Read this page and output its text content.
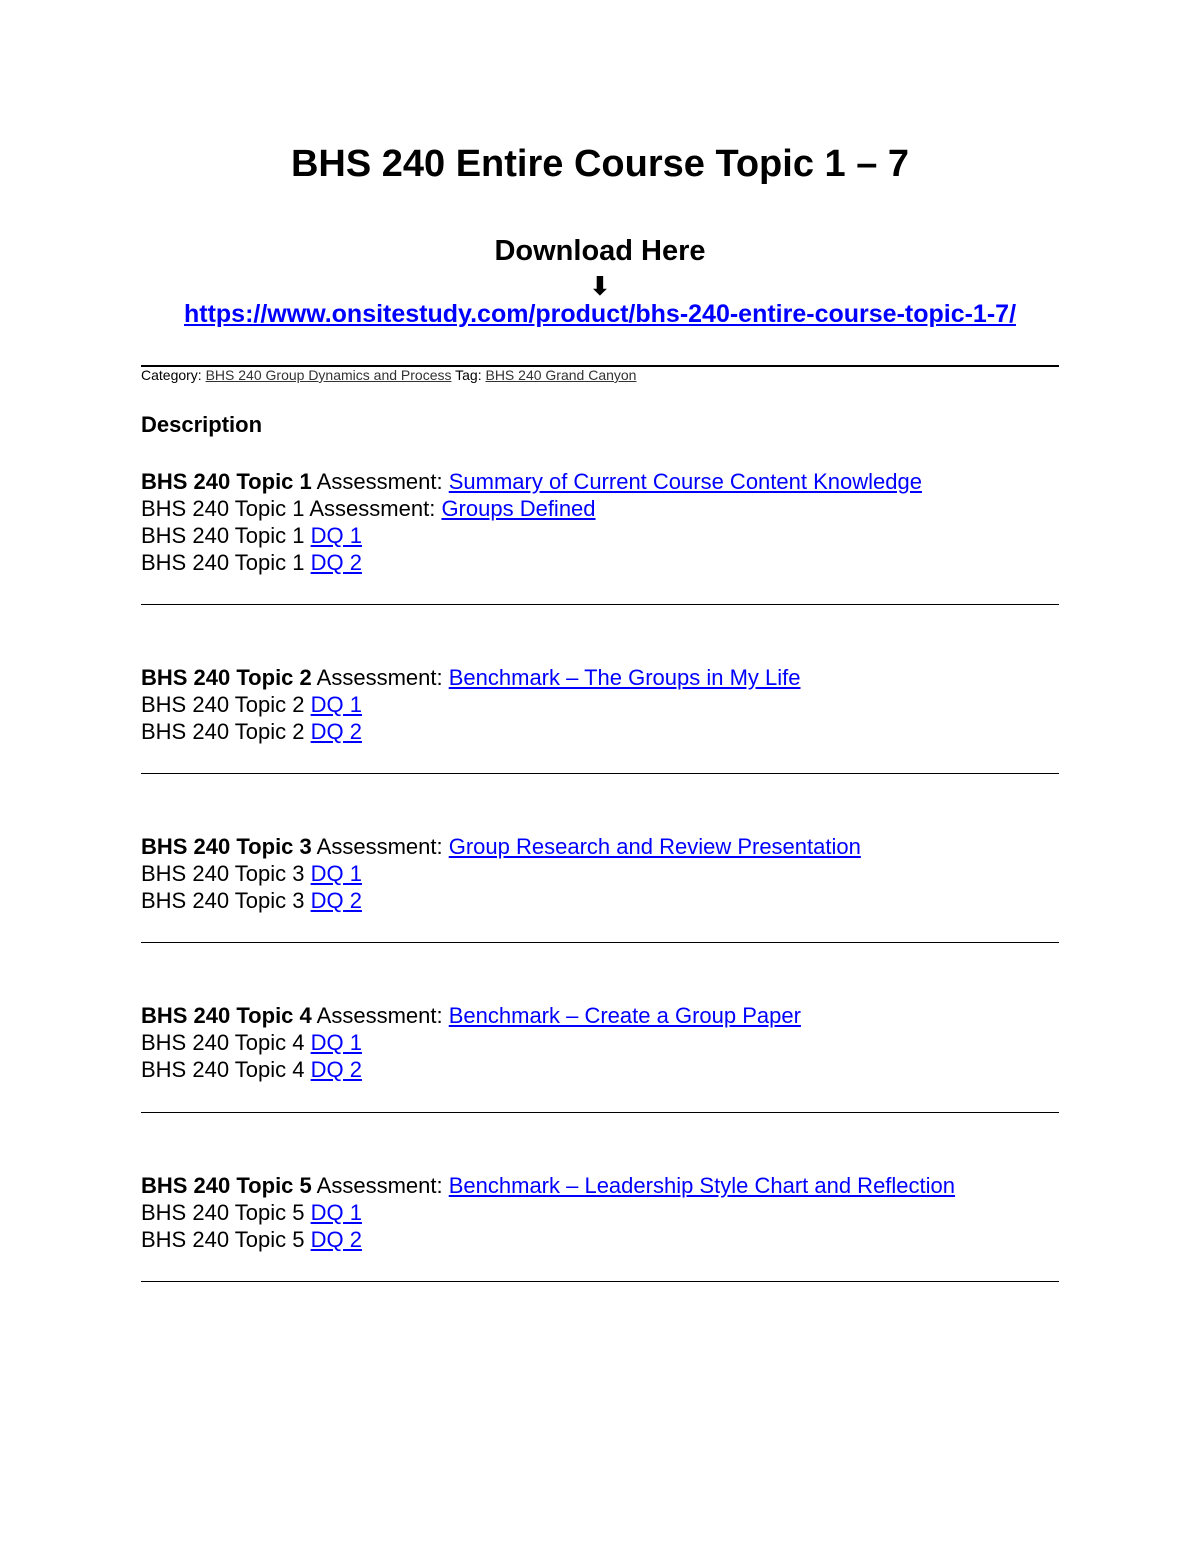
BHS 240 Entire Course Topic 1 – 7
Download Here
⬇
https://www.onsitestudy.com/product/bhs-240-entire-course-topic-1-7/
Category: BHS 240 Group Dynamics and Process Tag: BHS 240 Grand Canyon
Description
BHS 240 Topic 1 Assessment: Summary of Current Course Content Knowledge
BHS 240 Topic 1 Assessment: Groups Defined
BHS 240 Topic 1 DQ 1
BHS 240 Topic 1 DQ 2
BHS 240 Topic 2 Assessment: Benchmark – The Groups in My Life
BHS 240 Topic 2 DQ 1
BHS 240 Topic 2 DQ 2
BHS 240 Topic 3 Assessment: Group Research and Review Presentation
BHS 240 Topic 3 DQ 1
BHS 240 Topic 3 DQ 2
BHS 240 Topic 4 Assessment: Benchmark – Create a Group Paper
BHS 240 Topic 4 DQ 1
BHS 240 Topic 4 DQ 2
BHS 240 Topic 5 Assessment: Benchmark – Leadership Style Chart and Reflection
BHS 240 Topic 5 DQ 1
BHS 240 Topic 5 DQ 2
